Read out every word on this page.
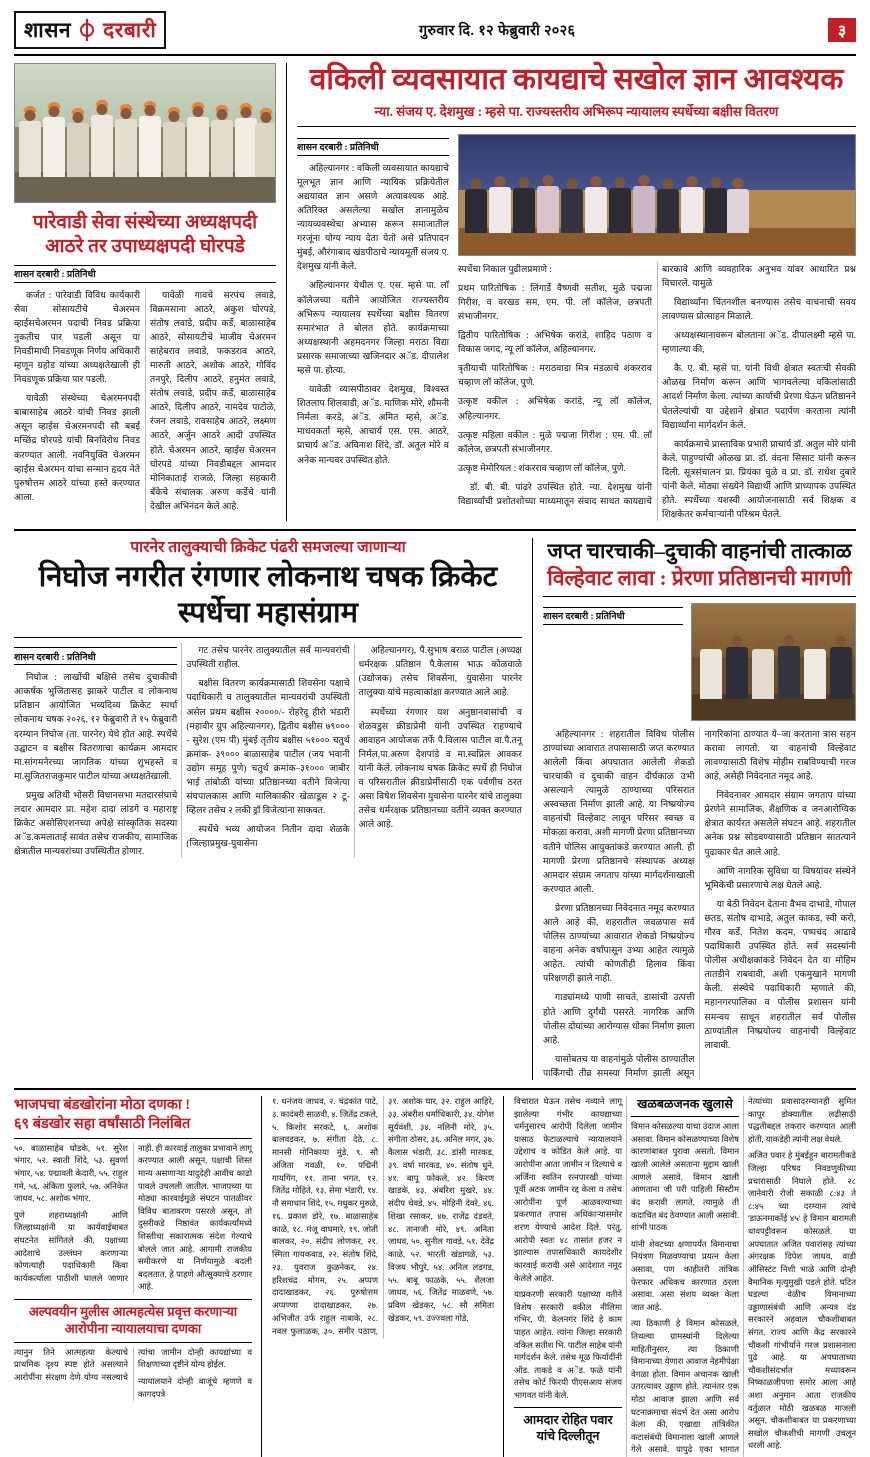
शासन दरबारी	गुरुवार दि. १२ फेब्रुवारी २०२६	३
पारेवाडी सेवा संस्थेच्या अध्यक्षपदी आठरे तर उपाध्यक्षपदी घोरपडे
शासन दरबारी : प्रतिनिधी

कर्जत : पारेवाडी विविध कार्यकारी सेवा सोसायटीचे चेअरमन व्हाईसचेअरमन पदाची निवड प्रक्रिया नुकतीच पार पडली असून या निवडीमाधी निवडणूक निर्णय अधिकारी म्हणून ग्रहोड यांच्या अध्यक्षतेखाली ही निवडणूक प्रक्रिया पार पडली.

यावेळी संस्थेच्या चेअरमनपदी बाबासाहेब आठरे यांची निवड झाली असून व्हाईस चेअरमनपदी सौ बबई मच्छिंद्र घोरपडे यांची बिनविरोध निवड करण्यात आली. नवनियुक्ति चेअरमन व्हाईस चेअरमन यांचा सन्मान हृदय नेते पुरुषोत्तम आठरे यांच्या हस्ते करण्यात आला.

यावेळी गावचे सरपंच लवाडे, विक्रमसाना आठरे, अंकुश घोरपडे, संतोष लवाडे, प्रदीप कर्डे, बाळासाहेब आठरे, सोसायटीचे माजीव चेअरमन साहेबराव लवाडे, फकडराव आठरे, मारुती आठरे, अशोक आठरे, गोविंद तनपुरे, दिलीप आठरे, हनुमंत लवाडे, संतोष लवाडे, प्रदीप कर्डे, बाळासाहेब आठरे, दिलीप आठरे, नामदेव पाटोळे, रंजन लवाडे, रावसाहेब आठरे, लक्ष्मण आठरे, अर्जुन आठरे आदी उपस्थित होते. चेअरमन आठरे, व्हाईस चेअरमन घोरपडे यांच्या निवडीबद्दल आमदार मोनिकाताई राजळे, जिल्हा सहकारी बँकेचे संचालक अरुण कर्डेचे यांनी देखील अभिनंदन केले आहे.

वकिली व्यवसायात कायद्याचे सखोल ज्ञान आवश्यक
न्या. संजय ए. देशमुख : म्हसे पा. राज्यस्तरीय अभिरूप न्यायालय स्पर्धेच्या बक्षीस वितरण
शासन दरबारी : प्रतिनिधी

अहिल्यानगर : वकिली व्यवसायात कायद्याचे मूलभूत ज्ञान आणि न्यायिक प्रक्रियेतील अद्ययावत ज्ञान असणे अत्यावश्यक आहे. अतिरिक्त असलेल्या सखोल ज्ञानामुळेच न्यायव्यवस्थेचा अभ्यास करून समाजातील गरजूंना योग्य न्याय देता येतो असे प्रतिपादन मुंबई, औरंगाबाद खंडपीठाचे न्यायमूर्ती संजय ए. देशमुख यांनी केले.

अहिल्यानगर येथील ए. एस. म्हसे पा. लॉ कॉलेजच्या वतीने आयोजित राज्यस्तरीय अभिरूप न्यायालय स्पर्धेच्या बक्षीस वितरण समारंभात ते बोलत होते. कार्यक्रमाच्या अध्यक्षस्थानी अहमदनगर जिल्हा मराठा विद्या प्रसारक समाजाच्या खजिनदार अॅड. दीपालेश म्हसे पा. होत्या.

यावेळी व्यासपीठावर देशमुख, विश्वस्त शितलाप शिलवाडी, अॅड. माणिक मोरे, शौमनी निर्मला करडे, अॅड. अमित म्हसे, अॅड. माधवकर्ता म्हसे, आचार्य एस. एस. आठरे, प्राचार्य अॅड. अविनाश शिंदे, डॉ. अतुल मोरे व अनेक मान्यवर उपस्थित होते.

स्पर्धेचा निकाल पुढीलप्रमाणे :

प्रथम पारितोषिक : लिंगार्डे वैष्णवी सतीश, मुळे पद्मजा गिरीश, व वरखड सम, एम. पी. लॉ कॉलेज, छत्रपती संभाजीनगर.

द्वितीय पारितोषिक : अभिषेक करांडे, शाहिद पठाण व विकास जगद, न्यू लॉ कॉलेज, अहिल्यानगर.

त्रृतीयाची पारितोषिक : मराठवाडा मित्र मंडळाचे शंकरराव चव्हाण लॉ कॉलेज, पुणे.

उत्कृष्ट वकील : अभिषेक करांडे, न्यू लॉ कॉलेज, अहिल्यानगर.

उत्कृष्ट महिला वकील : मुळे पद्मजा गिरीश : एम. पी. लॉ कॉलेज, छत्रपती संभाजीनगर.

उत्कृष्ट मेमोरियल : शंकरराव चव्हाण लॉ कॉलेज, पुणे.

डॉ. बी. बी. पांढरे उपस्थित होते. न्या. देशमुख यांनी विद्यार्थ्यांची प्रशोतशोच्या माध्यमातून संवाद साधत कायद्याचे बारकावे आणि व्यवहारिक अनुभव यांवर आधारित प्रश्न विचारले. यामुळे

विद्यार्थ्यांना चिंतनशील बनण्यास तसेच वाचनाची सवय लावण्यास प्रोत्साहन मिळाले.

अध्यक्षस्थानावरून बोलताना अॅड. दीपालक्ष्मी म्हसे पा. म्हणाल्या की,

कै. ए. बी. म्हसे पा. यांनी विधी क्षेत्रात स्वतःची सेवकी ओळख निर्माण करून आणि भागवलेल्या वकिलांसाठी आदर्श निर्माण केला. त्यांच्या कार्याची प्रेरणा घेऊन प्रतिष्ठानने घेतलेल्यांची या उद्देशाने क्षेत्रात पदार्पण करताना त्यांनी विद्यार्थ्यांना मार्गदर्शन केले.

कार्यक्रमाचे प्रास्ताविक प्रभारी प्राचार्य डॉ. अतुल मोरे यांनी केले. पाहुण्यांची ओळख प्रा. डॉ. वंदना सिसाट यांनी करून दिली. सूत्रसंचालन प्रा. प्रियंका चुळे व प्रा. डॉ. राधेश दुबारे यांनी केले. मोठ्या संख्येने विद्यार्थी आणि प्राध्यापक उपस्थित होते. स्पर्धेच्या यशस्वी आयोजनासाठी सर्व शिक्षक व शिक्षकेतर कर्मचाऱ्यांनी परिश्रम घेतले.

पारनेर तालुक्याची क्रिकेट पंढरी समजल्या जाणाऱ्या
निघोज नगरीत रंगणार लोकनाथ चषक क्रिकेट स्पर्धेचा महासंग्राम
शासन दरबारी : प्रतिनिधी

निघोज : लाखोंची बक्षिसे तसेच दुचाकीची आकर्षक भुजितासह झाकरे पाटील व लोकनाथ प्रतिष्ठान आयोजित भव्यदिव्य क्रिकेट स्पर्धा लोकनाथ चषक २०२६, १२ फेब्रुवारी ते १५ फेब्रुवारी दरम्यान निघोज (ता. पारनेर) येथे होत आहे. स्पर्धेचे उद्घाटन व बक्षीस वितरणाचा कार्यक्रम आमदार मा.सांगमनेरच्या जागतिक यांच्या शुभहस्ते व मा.सुजितराजकुमार पाटील यांच्या अध्यक्षतेखाली.

प्रमुख अतिथी भोसरी विधानसभा मतदारसंघाचे लदार आमदार प्रा. महेश दादा लांडगे व महाराष्ट्र क्रिकेट असोसिएशनच्या अपेक्षे सांस्कृतिक सदस्या अॅड.कमलाताई सावंत तसेच राजकीय, सामाजिक क्षेत्रातील मान्यवरांच्या उपस्थितीत होणार.

गट तसेच पारनेर तालुक्यातील सर्व मान्यवरांची उपस्थिती राहील.

बक्षीस वितरण कार्यक्रमासाठी शिवसेना पक्षाचे पदाधिकारी व तालुक्यातील मान्यवरांची उपस्थिती असेल प्रथम बक्षीस २००००/- रोहरेदू हीरो भंडारी (महावीर ग्रुप अहिल्यानगर), द्वितीय बक्षीस ७९००० - सुरेश (एम पी) मुंबई तृतीय बक्षीस ५१००० चतुर्थ क्रमांक- ३९००० बाळासाहेब पाटील (जय भवानी उद्योग समूह पुणे) चतुर्थ क्रमांक–३१००० जाबीर भाई तांबोळी यांच्या प्रतिष्ठानच्या वतीने विजेत्या संघपालकास आणि मालिकाकीर खेळाडूस २ टू- व्हिलर तसेच २ लकी ड्रॉ विजेत्यांना साकवत.

स्पर्धेचे भव्य आयोजन नितीन दादा शेळके (जिल्हाप्रमुख-युवासेना

अहिल्यानगर), पै.सुभाष बराळ पाटील (अध्यक्ष धर्मरक्षक प्रतिष्ठान पै.केलास भाऊ कोळवाळे (उद्योजक) तसेच शिवसेना, युवासेना पारनेर तालुक्या यांचे महत्वाकांक्षा करण्यात आले आहे.

स्पर्धेच्या रंगणार यश अनुष्ठानवासांची व शेळवडुस क्रीडाप्रेमी यांनी उपस्थित राहण्याचे आवाहन आयोजक तर्फे पै.विलास पाटील वा.पै.तनू निर्मल,पा.अरुण देशपांडे व मा.स्वप्निल आवकर यांनी केले. लोकनाथ चषक क्रिकेट स्पर्धे ही निघोज व परिसरातील क्रीडाप्रेमींसाठी एक पर्वणीच ठरत असा विषेश शिवसेना युवासेना पारनेर यांचे तालुक्या तसेच धर्मरक्षक प्रतिष्ठानच्या वतीने व्यक्त करण्यात आले आहे.

जप्त चारचाकी–दुचाकी वाहनांची तात्काळ
विल्हेवाट लावा : प्रेरणा प्रतिष्ठानची मागणी
शासन दरबारी : प्रतिनिधी

अहिल्यानगर : शहरातील विविध पोलीस ठाण्यांच्या आवारात तपासासाठी जप्त करण्यात आलेली किंवा अपघातात आलेली शेकडो चारचाकी व दुचाकी वाहन दीर्घकाळ उभी असल्याने त्यामुळे ठाण्याच्या परिसरात अस्वच्छता निर्माण झाली आहे. या निष्प्रयोज्य वाहनांची विल्हेवाट लावून परिसर स्वच्छ व मोकळा करावा, अशी मागणी प्रेरणा प्रतिष्ठानच्या वतीने पोलिस आयुक्तांकडे करण्यात आली. ही मागणी प्रेरणा प्रतिष्ठानचे संस्थापक अध्यक्ष आमदार संग्राम जगताप यांच्या मार्गदर्शनाखाली करण्यात आली.

प्रेरणा प्रतिष्ठानच्या निवेदनात नमूद करण्यात आले आहे की, शहरातील जवळपास सर्व पोलिस ठाण्यांच्या आवारात शेकडो निष्प्रयोज्य वाहना अनेक वर्षांपासून उभ्या आहेत त्यामुळे आहेत. त्यांची कोणतीही हिलाव किंवा परिक्षणही झाले नाही.

गाड्यांमध्ये पाणी साचते, डासांची उत्पत्ती होते आणि दुर्गंधी पसरते. नागरिक आणि पोलीस दोघांच्या आरोग्यास धोका निर्माण झाला आहे.

यासोबतच या वाहनांमुळे पोलीस ठाण्यातील पार्किंगची तीव्र समस्या निर्माण झाली असून नागरिकांना ठाण्यात ये–जा करताना त्रास सहन करावा लागतो. या वाहनांची विल्हेवाट लावण्यासाठी विशेष मोहीम राबविण्याची गरज आहे, असेही निवेदनात नमूद आहे.

निवेदनावर आमदार संग्राम जगताप यांच्या प्रेरणेने सामाजिक, शैक्षणिक व जनआरोग्यिक क्षेत्रात कार्यरत असलेले संघटन आहे. शहरातील अनेक प्रश्न सोडवण्यासाठी प्रतिष्ठान सातत्याने पुढाकार घेत आले आहे.

आणि नागरिक सुविधा या विषयांवर संस्थेने भूमिकेची प्रसारणाचे लक्ष घेतले आहे.

या बेठी निवेदन देताना वैभव दाभाडे, गोपाल छतड, संतोष दाभाडे, अतुल काकड, स्वी करो, गौरव कर्डे, नितेश कदम, पष्पचंद आढावे पदाधिकारी उपस्थित होते. सर्व सदस्यांनी पोलीस अधीक्षकांकडे निवेदन देत या मोहिम तातडीने राबवावी, अशी एकमुखाने मागणी केली. संस्थेचे पदाधिकारी म्हणाले की, महानगरपालिका व पोलीस प्रशासन यांनी समन्वय साधून शहरातील सर्व पोलीस ठाण्यांतील निष्प्रयोज्य वाहनांची विल्हेवाट लावावी.

भाजपचा बंडखोरांना मोठा दणका !
६९ बंडखोर सहा वर्षांसाठी निलंबित

५०. बाळासाहेब घोडके, ५१. सुरेश भंगार, ५२. स्वाती शिंदे, ५३. सुवर्णा भंगार, ५४. पद्मावती केदारी, ५५. राहुल गमे, ५६. अंकिता फुलारे, ५७. अनिकेत जाधव, ५८. अशोक भंगार.

पुणे शहराध्यक्षांनी आणि जिल्हाध्यक्षांनी या कार्यवाईबाबत संघटनेत सांगितले की, पक्षाच्या आदेशाचे उल्लंघन करणाऱ्या कोणत्याही पदाधिकारी किंवा कार्यकर्त्याला पाठीशी घालले जाणार नाही. ही कारवाई तालुका प्रभावाने लागू करण्यात आली असून, पक्षाची शिस्त मान्य असणाऱ्या यादुदेही आवीच काढो पावले उचलली जातील. भाजपच्या या मोठ्या कारवाईमुळे संघटन पातळीवर विविध बातावरण पसरले असून, तो दुसरीकडे निष्ठावंत कार्यकर्त्यांमध्ये शिस्तीचा सकारात्मक संदेश गेल्याचे बोलले जात आहे. आगामी राजकीय समीकरणे या निर्णयामुळे बदली बदलतात, हे पाहणे औत्सुक्याचे ठरणार आहे.

अल्पवयीन मुलीस आत्महत्येस प्रवृत्त करणाऱ्या आरोपीना न्यायालयाचा दणका

त्यानुन तिने आत्महत्या केल्याचे प्राथमिक दृश्य स्पष्ट होते असल्याने आरोपींना संरक्षण देणे योग्य नसल्याचे त्यांचा जामीन दोन्ही कायद्यांच्या व शिक्षणाच्या दृष्टीने योग्य होईल.

न्यायालयाने दोन्ही बाजूंचे म्हणणे व कागदपत्रे

१. धनंजय जाधव, २. चंद्रकांत पाटे, ३. कादंबरी साळवी, ४. जितेंद्र टकले, ५. किशोर सरकटे, ६. अशोक बालवडकर, ७. संगीता देठे, ८. मानसी मोनिकाया मुंडे, ९. सौ अंजिता गवळी, १०. पद्मिनी गायगिंग, ११. ताना भगत, १२. जितेंद्र मोहिते, १३. सेमा भंडारी, १४. नौ समाधान शिंदे, १५. मधुकर मुरुळे, १६. प्रकाश डोरे, १७. बाळासाहेब काळे, १८. मंजू वाघमारे, १९. जोती बालकर, २०. संदीप लोणकर, २१. स्मिता गायकवाड, २२. संतोष शिंदे, २३. युवराज कुळनेकर, २४. हरिशचंद्र मोगम, २५. अप्पण दादाखाडकर, २६. पुरुषोत्तम अप्पण्णा दादाखाडकर, २७. अभिजीत उर्फ राहुल नाबाके, २८. नवल फुलाळक, ३०. समीर पठाण, ३१. अशोक घार, ३२. राहुल आहिरे, ३३. अंबरीश धर्माधिकारी, ३४. योगेश सूर्यवंशी, ३४. नलिनी मोरे, ३५. संगीता ठोसर, ३६. अनिल मगर, ३७. कैलास भंडारी, ३८. डांसी मारकड, ३९. वर्षा मारकड, ४०. संतोष धुने, ४१. बापू फोकले, ४२. किरण खाडके, ४३. अंबरिश मुखरे, ४४. संदीप चेवडे, ४५. मोहिनी देवरे, ४६. शिखा रसाकर, ४७. राजेंद्र दंडवते, ४८. तानाजी मोरे, ४९. अनिता जाधव, ५०. सुनील गावडे, ५१. देवेंद्र काळे, ५२. भारती खंडागळे, ५३. विजय भौपुरे, ५४. अनिल लडगड, ५५. बाबू फाळके, ५५. शैलजा जाधव, ५६. जितेंद्र माळवणे, ५७. प्रविण खेडकर, ५८. सौ समिता खेडकर, ५९. उज्ज्वला गोडे,

विचारात घेऊन तसेच नव्याने लागू झालेल्या गंभीर कायद्याच्या धर्मनुसारच आरोपी दिलेला जामीन यासाठ फेटाळल्याचे न्यायालयाने उद्देशाच व कोडित केले आहे. या आरोपींना आता जामीन न दिल्याचे व अर्जिना स्वतिन रत्नपारखी यांच्या पूर्वी अटक जामीन रद्द केला व तसेच आरोपींना पूर्ण आळवल्याच्या प्रकरणात तपास अधिकाऱ्यासमोर शरण येण्याचे आदेश दिले. परंतु, आरोपी स्वतः ४८ तासांत हजर न झाल्यास तपासधिकारी कायदेशीर कारवाई करावी असे आदेशात नमूद केलेले आहेत.

याप्रकरणी सरकारी पक्षाच्या वतीने विशेष सरकारी वकील नीलिमा गंभिर, पी. केलनगंर शिंदे हे काम पाहत आहेत. त्यांना जिल्हा सरकारी वकिल सतीश भि. पाटील साहेब यांनी मार्गदर्शन केले. तसेच मूळ फिर्यादींनी ऑड. ताकडे व अॅड. फळे यांनी तसेच कोर्ट फिरयी पीएसआय संजय भागवत यांनी केले.

आमदार रोहित पवार यांचे दिल्लीतून
खळबळजनक खुलासे

विमान कोसळल्या याचा उंदाज आला असावा. विमान कोसळण्याच्या विशेष कारणांबाबत पुरावा असतो. विमान खाली आलेले असताना मुद्दाम खाली आणले असावे. विमान खाली आणताना जी परी पाहिली सिस्टीम बंद करावी लागते, त्यामुळे ती कदाचित बंद ठेवण्यात आली असावी. शांभी पाठक

यांनी शेवटच्या क्षणापर्यंत विमानाचा नियंत्रण मिळवण्याचा प्रयत्न केला असावा, पण काहीतरी तांत्रिक फेरफार अधिकच कारणात ठरला असावा. असा संशय व्यक्त केला जात आहे.

त्या ठिकाणी हे विमान कोसळले, तिथल्या ग्रामस्थांनी दिलेल्या माहितीनुसार, त्या ठिकाणी विमानाच्या येणारा आवाज नेहमीपेक्षा वेगळा होता. विमान अचानक खाली उतरत्यावर उड्डाण होते. त्यानंतर एक मोठा आवाज झाला आणि सर्व घटनाक्रमाचा संदर्भ देत असा आरोप केला की, एखाद्या तांत्रिकीत कटासंबंधी विमानाला खाली आणले गेले असावे. यापुढे एका भागात नेत्यांच्या प्रवासादरम्यानही सुमित कापूर डोक्यातील लढीसाठी पद्धतीबद्दल तकरार करण्यात आली होती, याकडेही त्यांनी लक्ष वेधले.

अजित पवार हे मुंबईहून बारामतीकडे जिल्हा परिषद निवडणुकीच्या प्रचारासाठी निघाले होते. २८ जानेवारी रोजी सकाळी ८:४३ ते ८:४५ च्या दरम्यान त्यांचे 'डाऊनमार्कोई ४५' हे विमान बारामती धावपट्टीवरून कोसळले. या अपघातात अजित पवारांसह त्यांच्या अंगरक्षक दिपेश जाधव, वाडी ऑसिस्टंट निशी भाळे आणि दोन्ही वैमानिक मृत्युमुखी पडले होते. घटित घडल्या वेळीच विमानाच्या उड्डाणासंबंधी आणि अन्यत्र दंड सरकारने अहवाल चौकशीबाबत संगत, राज्य आणि केंद्र सरकारने चौकशी गांभीर्याने गरज प्रशासनाला पुढे आहे. या अपघाताच्या चौकशीसंदर्भात मध्यावरून निष्काळजीपणा समोर आला आहे अशा अनुमान आता राजकीय वर्तुळात मोठी खळबळ माजली असून, चौकशीबाबत या प्रकरणाच्या सखोल चौकशीची मागणी उचलून धरली आहे.
